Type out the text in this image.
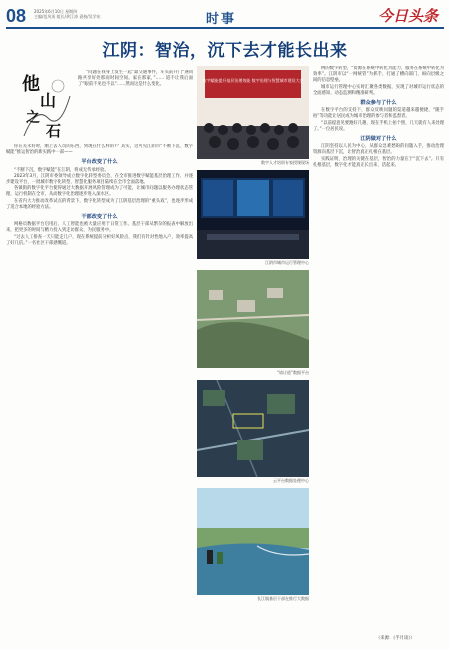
08 2025年6月10日 星期四
主编/范凤英 组长/余江涛 责校/吴学东	时事	今日头条
江阴：智治，沉下去才能长出来
他
山
之
石

“问题在我身上发生一起”最交通事件，车头前开门“遇同路共享好处那而时间空间。家在那家，”…… 道不让我后面了“眼前不见也不以”……然而这是什么变化。

你在芜禾好时，刚上去人员的东西，到现在什么样的?？其实，这可见江阴市“不断下沉、数字赋能”推运智治的新实践中一部——

平台改变了什么

“不断下沉，数字赋能”在江阴，将成无传承经验。

2023年3月，江阴市委领导成立数字化转型委员会，在全市推进数字赋能基层治理工作，并逐步建设平台，一批城市数字化转型、智慧化服务项目陆续在全市全面落地。

各镇街的数字化平台使得通过大数据开展风险管理成为了可能，让城市问题以服务办理状态管理，运行机制在全市，从而数字化治理逐步进入深水区。

在省内大力推动改革试点的背景下，数字化转型成为了江阴基层治理的“重头戏”，也逐步形成了适合本地的经验方法。

干部改变了什么

网格员数据平台启用后，人工智能也被大量应用于日常工作。基层干部从繁杂的报表中解放出来，把更多的时间与精力投入到走访群众，为民服务中。

“过去人工排查一天只能走几户，现在系统提前分析好风险点，我们有针对性地入户，效率提高了好几倍。”一名社区干部感慨道。

数字赋能提升基层治理效能 数字治理与智慧城市建设大会
数字人才培训专家授课现场
江阴市城市运行管理中心
“请让道”数据平台
云平台数据处理中心
长江镇基层干部在推行大数据

例的数字转型，“资源在系统中转化为能力，服务在系统中转化为效率”。江阴市以“一网统管”为抓手，打通了横向部门、纵向层级之间的信息壁垒。

城市运行管理中心实时汇聚各类数据，实现了对城市运行状态的全面感知、动态监测和精准研判。

群众参与了什么

在数字平台的支持下，群众反映问题的渠道越来越便捷，“随手拍”等功能让居民成为城市治理的参与者和监督者。

“以前提意见要跑好几趟，现在手机上拍个照，几天就有人来处理了。”一位居民说。

江阴做对了什么

江阴坚持以人民为中心，从群众急难愁盼的问题入手，推动治理资源向基层下沉，让智治真正扎根在基层。

实践证明，治理的关键在基层，智治的力量在于“沉下去”。只有扎根基层，数字化才能真正长出来、活起来。

（来源：《半月谈》）
